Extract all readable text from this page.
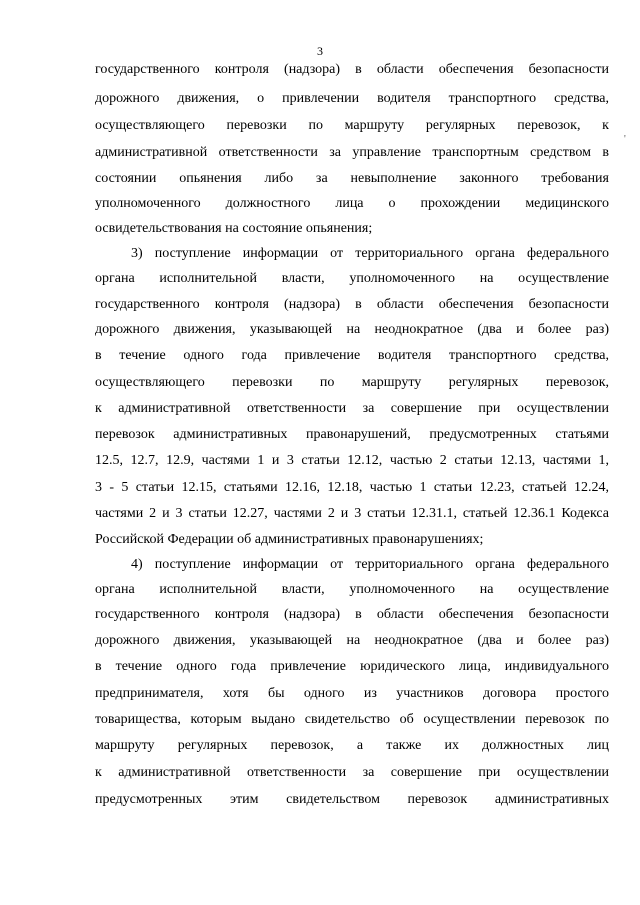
3
государственного контроля (надзора) в области обеспечения безопасности
дорожного движения, о привлечении водителя транспортного средства,
осуществляющего перевозки по маршруту регулярных перевозок, к
административной ответственности за управление транспортным средством в
состоянии опьянения либо за невыполнение законного требования
уполномоченного должностного лица о прохождении медицинского
освидетельствования на состояние опьянения;
3) поступление информации от территориального органа федерального
органа исполнительной власти, уполномоченного на осуществление
государственного контроля (надзора) в области обеспечения безопасности
дорожного движения, указывающей на неоднократное (два и более раз)
в течение одного года привлечение водителя транспортного средства,
осуществляющего перевозки по маршруту регулярных перевозок,
к административной ответственности за совершение при осуществлении
перевозок административных правонарушений, предусмотренных статьями
12.5, 12.7, 12.9, частями 1 и 3 статьи 12.12, частью 2 статьи 12.13, частями 1,
3 - 5 статьи 12.15, статьями 12.16, 12.18, частью 1 статьи 12.23, статьей 12.24,
частями 2 и 3 статьи 12.27, частями 2 и 3 статьи 12.31.1, статьей 12.36.1 Кодекса
Российской Федерации об административных правонарушениях;
4) поступление информации от территориального органа федерального
органа исполнительной власти, уполномоченного на осуществление
государственного контроля (надзора) в области обеспечения безопасности
дорожного движения, указывающей на неоднократное (два и более раз)
в течение одного года привлечение юридического лица, индивидуального
предпринимателя, хотя бы одного из участников договора простого
товарищества, которым выдано свидетельство об осуществлении перевозок по
маршруту регулярных перевозок, а также их должностных лиц
к административной ответственности за совершение при осуществлении
предусмотренных этим свидетельством перевозок административных
'
